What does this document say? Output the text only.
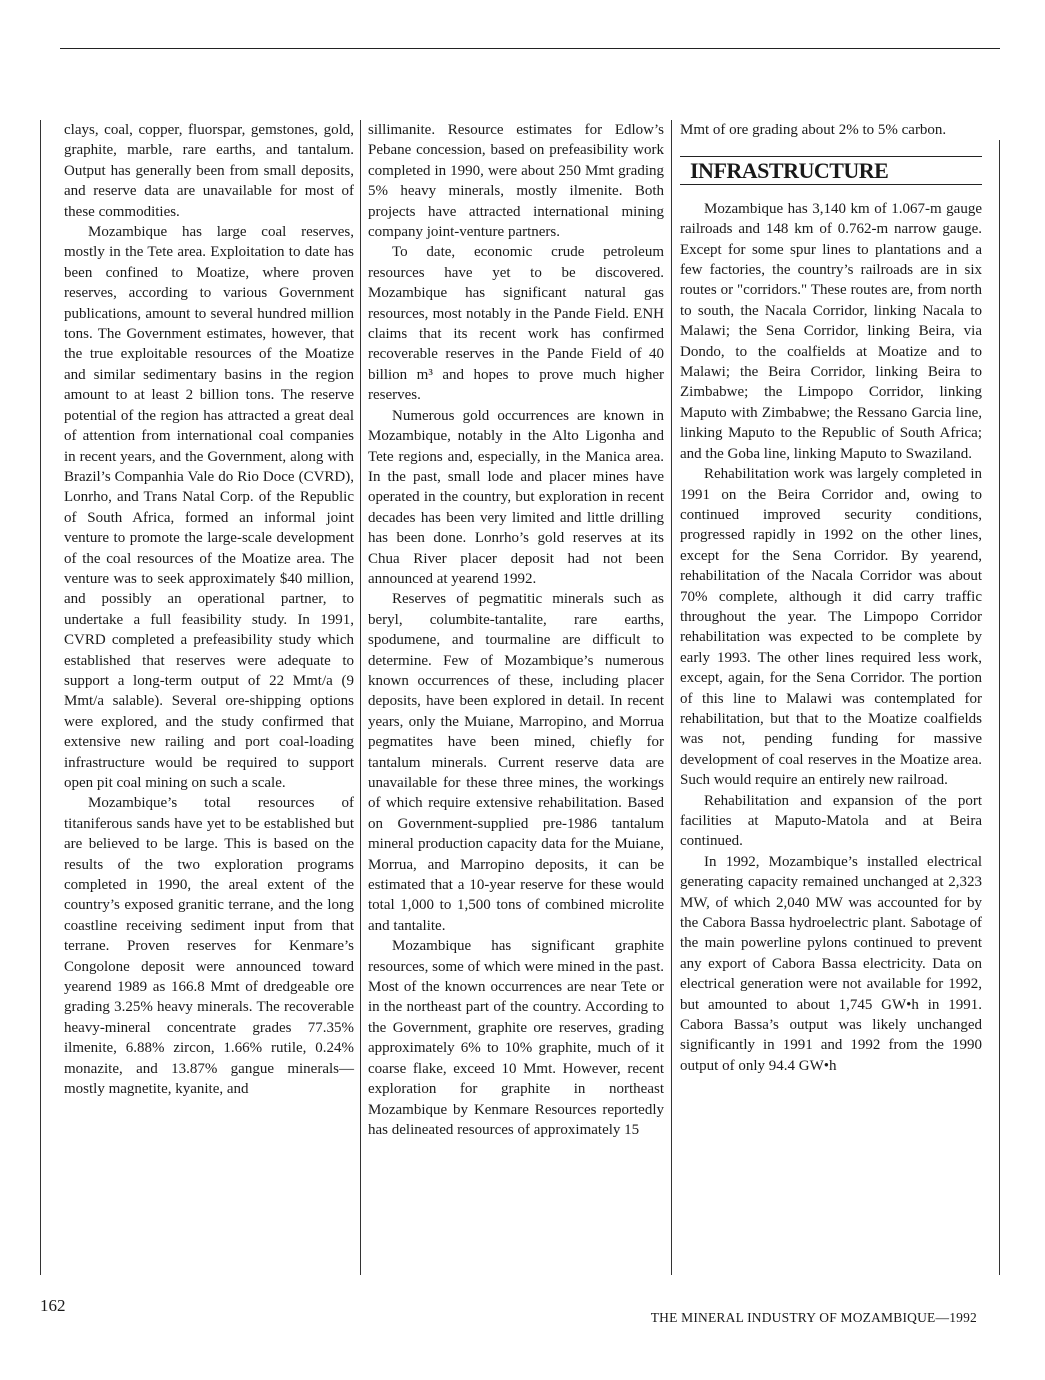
clays, coal, copper, fluorspar, gemstones, gold, graphite, marble, rare earths, and tantalum. Output has generally been from small deposits, and reserve data are unavailable for most of these commodities.

Mozambique has large coal reserves, mostly in the Tete area. Exploitation to date has been confined to Moatize, where proven reserves, according to various Government publications, amount to several hundred million tons. The Government estimates, however, that the true exploitable resources of the Moatize and similar sedimentary basins in the region amount to at least 2 billion tons. The reserve potential of the region has attracted a great deal of attention from international coal companies in recent years, and the Government, along with Brazil’s Companhia Vale do Rio Doce (CVRD), Lonrho, and Trans Natal Corp. of the Republic of South Africa, formed an informal joint venture to promote the large-scale development of the coal resources of the Moatize area. The venture was to seek approximately $40 million, and possibly an operational partner, to undertake a full feasibility study. In 1991, CVRD completed a prefeasibility study which established that reserves were adequate to support a long-term output of 22 Mmt/a (9 Mmt/a salable). Several ore-shipping options were explored, and the study confirmed that extensive new railing and port coal-loading infrastructure would be required to support open pit coal mining on such a scale.

Mozambique’s total resources of titaniferous sands have yet to be established but are believed to be large. This is based on the results of the two exploration programs completed in 1990, the areal extent of the country’s exposed granitic terrane, and the long coastline receiving sediment input from that terrane. Proven reserves for Kenmare’s Congolone deposit were announced toward yearend 1989 as 166.8 Mmt of dredgeable ore grading 3.25% heavy minerals. The recoverable heavy-mineral concentrate grades 77.35% ilmenite, 6.88% zircon, 1.66% rutile, 0.24% monazite, and 13.87% gangue minerals—mostly magnetite, kyanite, and

sillimanite. Resource estimates for Edlow’s Pebane concession, based on prefeasibility work completed in 1990, were about 250 Mmt grading 5% heavy minerals, mostly ilmenite. Both projects have attracted international mining company joint-venture partners.

To date, economic crude petroleum resources have yet to be discovered. Mozambique has significant natural gas resources, most notably in the Pande Field. ENH claims that its recent work has confirmed recoverable reserves in the Pande Field of 40 billion m³ and hopes to prove much higher reserves.

Numerous gold occurrences are known in Mozambique, notably in the Alto Ligonha and Tete regions and, especially, in the Manica area. In the past, small lode and placer mines have operated in the country, but exploration in recent decades has been very limited and little drilling has been done. Lonrho’s gold reserves at its Chua River placer deposit had not been announced at yearend 1992.

Reserves of pegmatitic minerals such as beryl, columbite-tantalite, rare earths, spodumene, and tourmaline are difficult to determine. Few of Mozambique’s numerous known occurrences of these, including placer deposits, have been explored in detail. In recent years, only the Muiane, Marropino, and Morrua pegmatites have been mined, chiefly for tantalum minerals. Current reserve data are unavailable for these three mines, the workings of which require extensive rehabilitation. Based on Government-supplied pre-1986 tantalum mineral production capacity data for the Muiane, Morrua, and Marropino deposits, it can be estimated that a 10-year reserve for these would total 1,000 to 1,500 tons of combined microlite and tantalite.

Mozambique has significant graphite resources, some of which were mined in the past. Most of the known occurrences are near Tete or in the northeast part of the country. According to the Government, graphite ore reserves, grading approximately 6% to 10% graphite, much of it coarse flake, exceed 10 Mmt. However, recent exploration for graphite in northeast Mozambique by Kenmare Resources reportedly has delineated resources of approximately 15

Mmt of ore grading about 2% to 5% carbon.

INFRASTRUCTURE

Mozambique has 3,140 km of 1.067-m gauge railroads and 148 km of 0.762-m narrow gauge. Except for some spur lines to plantations and a few factories, the country’s railroads are in six routes or "corridors." These routes are, from north to south, the Nacala Corridor, linking Nacala to Malawi; the Sena Corridor, linking Beira, via Dondo, to the coalfields at Moatize and to Malawi; the Beira Corridor, linking Beira to Zimbabwe; the Limpopo Corridor, linking Maputo with Zimbabwe; the Ressano Garcia line, linking Maputo to the Republic of South Africa; and the Goba line, linking Maputo to Swaziland.

Rehabilitation work was largely completed in 1991 on the Beira Corridor and, owing to continued improved security conditions, progressed rapidly in 1992 on the other lines, except for the Sena Corridor. By yearend, rehabilitation of the Nacala Corridor was about 70% complete, although it did carry traffic throughout the year. The Limpopo Corridor rehabilitation was expected to be complete by early 1993. The other lines required less work, except, again, for the Sena Corridor. The portion of this line to Malawi was contemplated for rehabilitation, but that to the Moatize coalfields was not, pending funding for massive development of coal reserves in the Moatize area. Such would require an entirely new railroad.

Rehabilitation and expansion of the port facilities at Maputo-Matola and at Beira continued.

In 1992, Mozambique’s installed electrical generating capacity remained unchanged at 2,323 MW, of which 2,040 MW was accounted for by the Cabora Bassa hydroelectric plant. Sabotage of the main powerline pylons continued to prevent any export of Cabora Bassa electricity. Data on electrical generation were not available for 1992, but amounted to about 1,745 GW•h in 1991. Cabora Bassa’s output was likely unchanged significantly in 1991 and 1992 from the 1990 output of only 94.4 GW•h

162
THE MINERAL INDUSTRY OF MOZAMBIQUE—1992
